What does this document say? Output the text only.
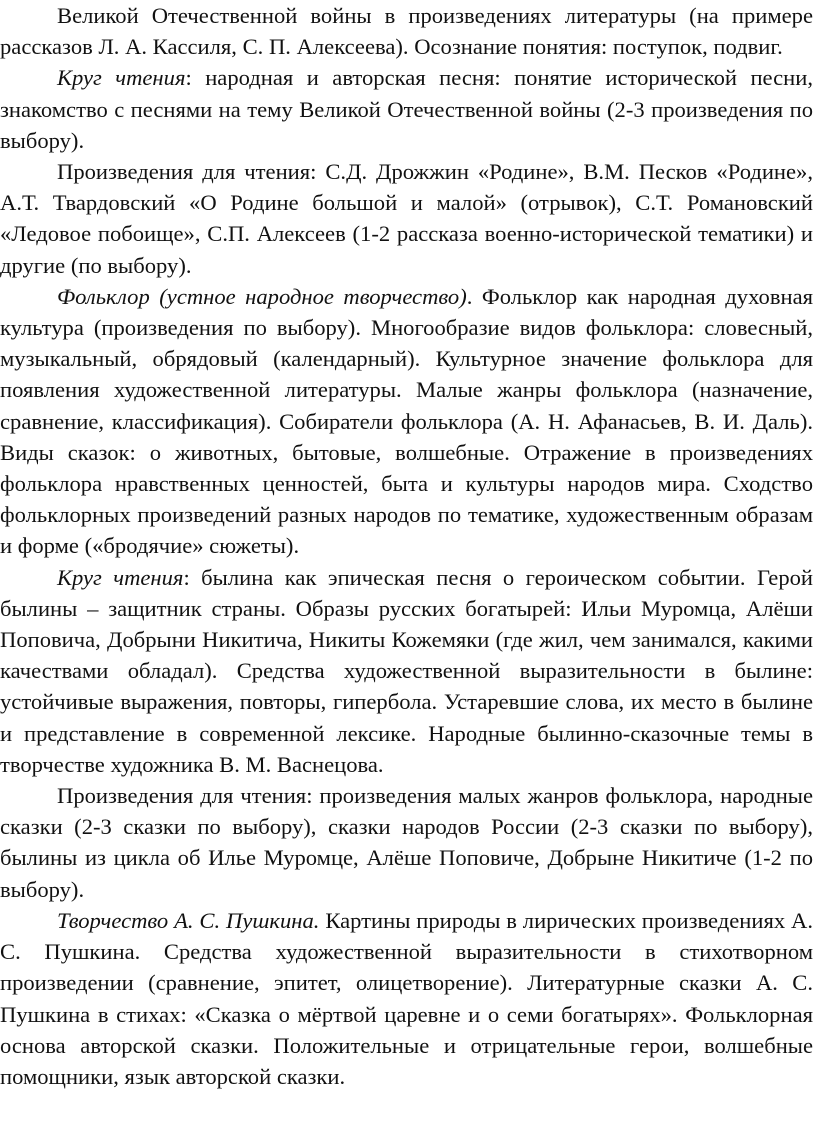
Великой Отечественной войны в произведениях литературы (на примере рассказов Л. А. Кассиля, С. П. Алексеева). Осознание понятия: поступок, подвиг.

Круг чтения: народная и авторская песня: понятие исторической песни, знакомство с песнями на тему Великой Отечественной войны (2-3 произведения по выбору).

Произведения для чтения: С.Д. Дрожжин «Родине», В.М. Песков «Родине», А.Т. Твардовский «О Родине большой и малой» (отрывок), С.Т. Романовский «Ледовое побоище», С.П. Алексеев (1-2 рассказа военно-исторической тематики) и другие (по выбору).

Фольклор (устное народное творчество). Фольклор как народная духовная культура (произведения по выбору). Многообразие видов фольклора: словесный, музыкальный, обрядовый (календарный). Культурное значение фольклора для появления художественной литературы. Малые жанры фольклора (назначение, сравнение, классификация). Собиратели фольклора (А. Н. Афанасьев, В. И. Даль). Виды сказок: о животных, бытовые, волшебные. Отражение в произведениях фольклора нравственных ценностей, быта и культуры народов мира. Сходство фольклорных произведений разных народов по тематике, художественным образам и форме («бродячие» сюжеты).

Круг чтения: былина как эпическая песня о героическом событии. Герой былины – защитник страны. Образы русских богатырей: Ильи Муромца, Алёши Поповича, Добрыни Никитича, Никиты Кожемяки (где жил, чем занимался, какими качествами обладал). Средства художественной выразительности в былине: устойчивые выражения, повторы, гипербола. Устаревшие слова, их место в былине и представление в современной лексике. Народные былинно-сказочные темы в творчестве художника В. М. Васнецова.

Произведения для чтения: произведения малых жанров фольклора, народные сказки (2-3 сказки по выбору), сказки народов России (2-3 сказки по выбору), былины из цикла об Илье Муромце, Алёше Поповиче, Добрыне Никитиче (1-2 по выбору).

Творчество А. С. Пушкина. Картины природы в лирических произведениях А. С. Пушкина. Средства художественной выразительности в стихотворном произведении (сравнение, эпитет, олицетворение). Литературные сказки А. С. Пушкина в стихах: «Сказка о мёртвой царевне и о семи богатырях». Фольклорная основа авторской сказки. Положительные и отрицательные герои, волшебные помощники, язык авторской сказки.
